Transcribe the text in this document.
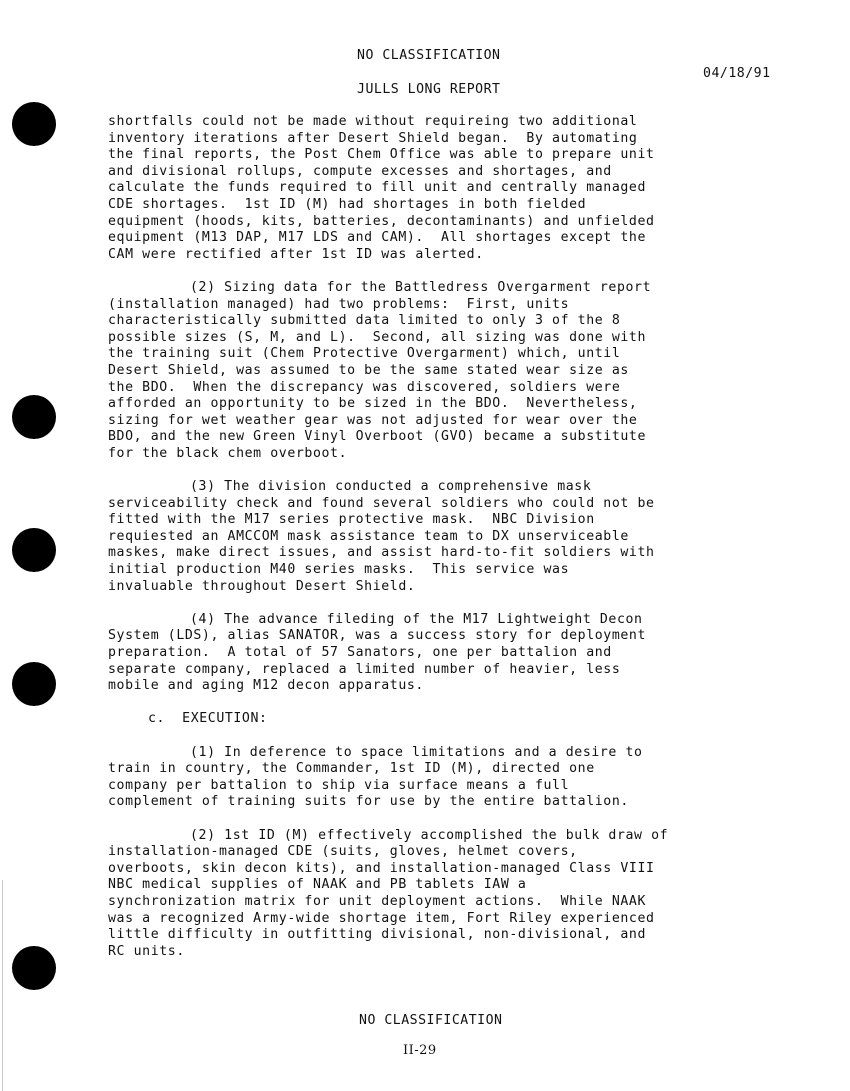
NO CLASSIFICATION
04/18/91
JULLS LONG REPORT
shortfalls could not be made without requireing two additional
inventory iterations after Desert Shield began.  By automating
the final reports, the Post Chem Office was able to prepare unit
and divisional rollups, compute excesses and shortages, and
calculate the funds required to fill unit and centrally managed
CDE shortages.  1st ID (M) had shortages in both fielded
equipment (hoods, kits, batteries, decontaminants) and unfielded
equipment (M13 DAP, M17 LDS and CAM).  All shortages except the
CAM were rectified after 1st ID was alerted.
(2) Sizing data for the Battledress Overgarment report
(installation managed) had two problems:  First, units
characteristically submitted data limited to only 3 of the 8
possible sizes (S, M, and L).  Second, all sizing was done with
the training suit (Chem Protective Overgarment) which, until
Desert Shield, was assumed to be the same stated wear size as
the BDO.  When the discrepancy was discovered, soldiers were
afforded an opportunity to be sized in the BDO.  Nevertheless,
sizing for wet weather gear was not adjusted for wear over the
BDO, and the new Green Vinyl Overboot (GVO) became a substitute
for the black chem overboot.
(3) The division conducted a comprehensive mask
serviceability check and found several soldiers who could not be
fitted with the M17 series protective mask.  NBC Division
requiested an AMCCOM mask assistance team to DX unserviceable
maskes, make direct issues, and assist hard-to-fit soldiers with
initial production M40 series masks.  This service was
invaluable throughout Desert Shield.
(4) The advance fileding of the M17 Lightweight Decon
System (LDS), alias SANATOR, was a success story for deployment
preparation.  A total of 57 Sanators, one per battalion and
separate company, replaced a limited number of heavier, less
mobile and aging M12 decon apparatus.
c.  EXECUTION:
(1) In deference to space limitations and a desire to
train in country, the Commander, 1st ID (M), directed one
company per battalion to ship via surface means a full
complement of training suits for use by the entire battalion.
(2) 1st ID (M) effectively accomplished the bulk draw of
installation-managed CDE (suits, gloves, helmet covers,
overboots, skin decon kits), and installation-managed Class VIII
NBC medical supplies of NAAK and PB tablets IAW a
synchronization matrix for unit deployment actions.  While NAAK
was a recognized Army-wide shortage item, Fort Riley experienced
little difficulty in outfitting divisional, non-divisional, and
RC units.
NO CLASSIFICATION
II-29
